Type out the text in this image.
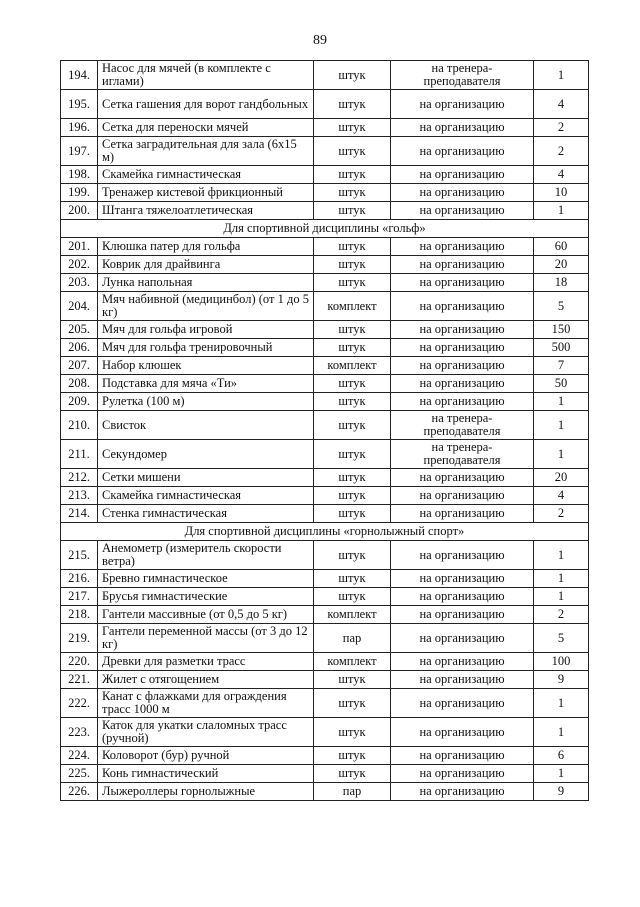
89
194.	Насос для мячей (в комплекте с иглами)	штук	на тренера-преподавателя	1
195.	Сетка гашения для ворот гандбольных	штук	на организацию	4
196.	Сетка для переноски мячей	штук	на организацию	2
197.	Сетка заградительная для зала (6х15 м)	штук	на организацию	2
198.	Скамейка гимнастическая	штук	на организацию	4
199.	Тренажер кистевой фрикционный	штук	на организацию	10
200.	Штанга тяжелоатлетическая	штук	на организацию	1
Для спортивной дисциплины «гольф»				
201.	Клюшка патер для гольфа	штук	на организацию	60
202.	Коврик для драйвинга	штук	на организацию	20
203.	Лунка напольная	штук	на организацию	18
204.	Мяч набивной (медицинбол) (от 1 до 5 кг)	комплект	на организацию	5
205.	Мяч для гольфа игровой	штук	на организацию	150
206.	Мяч для гольфа тренировочный	штук	на организацию	500
207.	Набор клюшек	комплект	на организацию	7
208.	Подставка для мяча «Ти»	штук	на организацию	50
209.	Рулетка (100 м)	штук	на организацию	1
210.	Свисток	штук	на тренера-преподавателя	1
211.	Секундомер	штук	на тренера-преподавателя	1
212.	Сетки мишени	штук	на организацию	20
213.	Скамейка гимнастическая	штук	на организацию	4
214.	Стенка гимнастическая	штук	на организацию	2
Для спортивной дисциплины «горнолыжный спорт»				
215.	Анемометр (измеритель скорости ветра)	штук	на организацию	1
216.	Бревно гимнастическое	штук	на организацию	1
217.	Брусья гимнастические	штук	на организацию	1
218.	Гантели массивные (от 0,5 до 5 кг)	комплект	на организацию	2
219.	Гантели переменной массы (от 3 до 12 кг)	пар	на организацию	5
220.	Древки для разметки трасс	комплект	на организацию	100
221.	Жилет с отягощением	штук	на организацию	9
222.	Канат с флажками для ограждения трасс 1000 м	штук	на организацию	1
223.	Каток для укатки слаломных трасс (ручной)	штук	на организацию	1
224.	Коловорот (бур) ручной	штук	на организацию	6
225.	Конь гимнастический	штук	на организацию	1
226.	Лыжероллеры горнолыжные	пар	на организацию	9
